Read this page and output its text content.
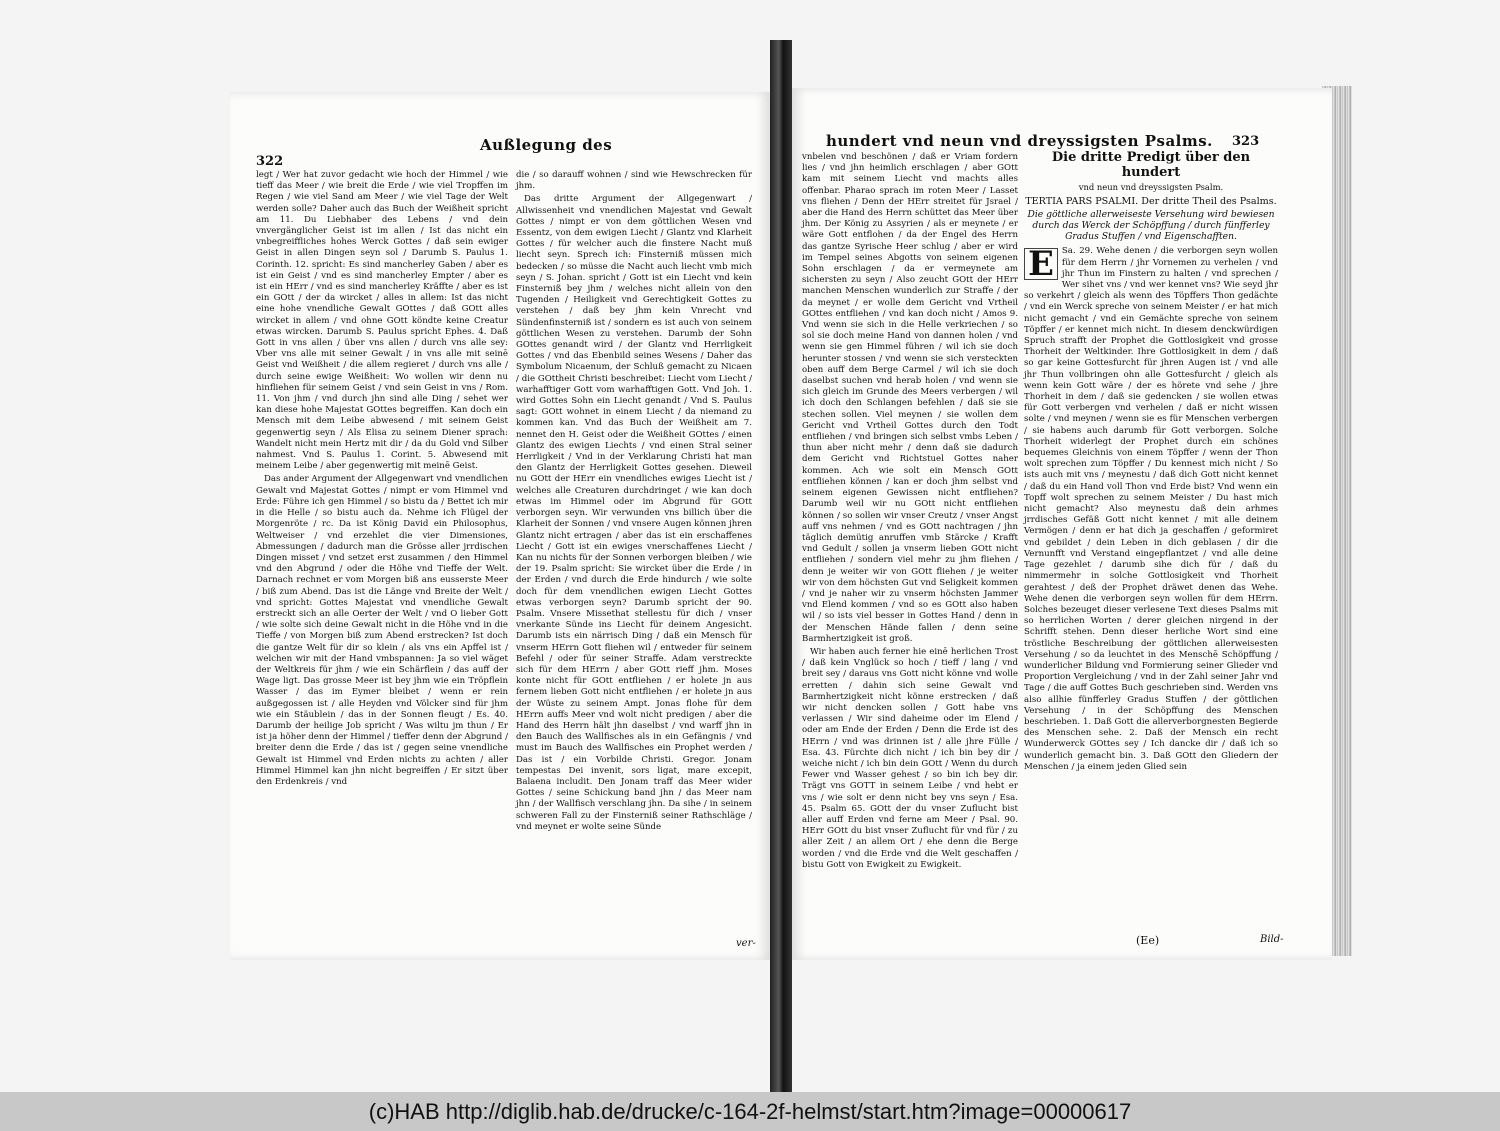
322
Außlegung des

legt / Wer hat zuvor gedacht wie hoch der Himmel / wie tieff das Meer / wie breit die Erde / wie viel Tropffen im Regen / wie viel Sand am Meer / wie viel Tage der Welt werden solle? Daher auch das Buch der Weißheit spricht am 11. Du Liebhaber des Lebens / vnd dein vnvergänglicher Geist ist im allen / Ist das nicht ein vnbegreiffliches hohes Werck Gottes / daß sein ewiger Geist in allen Dingen seyn sol / Darumb S. Paulus 1. Corinth. 12. spricht: Es sind mancherley Gaben / aber es ist ein Geist / vnd es sind mancherley Empter / aber es ist ein HErr / vnd es sind mancherley Kräffte / aber es ist ein GOtt / der da wircket / alles in allem: Ist das nicht eine hohe vnendliche Gewalt GOttes / daß GOtt alles wircket in allem / vnd ohne GOtt köndte keine Creatur etwas wircken. Darumb S. Paulus spricht Ephes. 4. Daß Gott in vns allen / über vns allen / durch vns alle sey: Vber vns alle mit seiner Gewalt / in vns alle mit seinē Geist vnd Weißheit / die allem regieret / durch vns alle / durch seine ewige Weißheit: Wo wollen wir denn nu hinfliehen für seinem Geist / vnd sein Geist in vns / Rom. 11. Von jhm / vnd durch jhn sind alle Ding / sehet wer kan diese hohe Majestat GOttes begreiffen. Kan doch ein Mensch mit dem Leibe abwesend / mit seinem Geist gegenwertig seyn / Als Elisa zu seinem Diener sprach: Wandelt nicht mein Hertz mit dir / da du Gold vnd Silber nahmest. Vnd S. Paulus 1. Corint. 5. Abwesend mit meinem Leibe / aber gegenwertig mit meinē Geist.

Das ander Argument der Allgegenwart vnd vnendlichen Gewalt vnd Majestat Gottes / nimpt er vom Himmel vnd Erde: Führe ich gen Himmel / so bistu da / Bettet ich mir in die Helle / so bistu auch da. Nehme ich Flügel der Morgenröte / rc. Da ist König David ein Philosophus, Weltweiser / vnd erzehlet die vier Dimensiones, Abmessungen / dadurch man die Grösse aller jrrdischen Dingen misset / vnd setzet erst zusammen / den Himmel vnd den Abgrund / oder die Höhe vnd Tieffe der Welt. Darnach rechnet er vom Morgen biß ans eusserste Meer / biß zum Abend. Das ist die Länge vnd Breite der Welt / vnd spricht: Gottes Majestat vnd vnendliche Gewalt erstreckt sich an alle Oerter der Welt / vnd O lieber Gott / wie solte sich deine Gewalt nicht in die Höhe vnd in die Tieffe / von Morgen biß zum Abend erstrecken? Ist doch die gantze Welt für dir so klein / als vns ein Apffel ist / welchen wir mit der Hand vmbspannen: Ja so viel wäget der Weltkreis für jhm / wie ein Schärflein / das auff der Wage ligt. Das grosse Meer ist bey jhm wie ein Tröpflein Wasser / das im Eymer bleibet / wenn er rein außgegossen ist / alle Heyden vnd Völcker sind für jhm wie ein Stäublein / das in der Sonnen fleugt / Es. 40. Darumb der heilige Job spricht / Was wiltu jm thun / Er ist ja höher denn der Himmel / tieffer denn der Abgrund / breiter denn die Erde / das ist / gegen seine vnendliche Gewalt ist Himmel vnd Erden nichts zu achten / aller Himmel Himmel kan jhn nicht begreiffen / Er sitzt über den Erdenkreis / vnd

die / so darauff wohnen / sind wie Hewschrecken für jhm.

Das dritte Argument der Allgegenwart / Allwissenheit vnd vnendlichen Majestat vnd Gewalt Gottes / nimpt er von dem göttlichen Wesen vnd Essentz, von dem ewigen Liecht / Glantz vnd Klarheit Gottes / für welcher auch die finstere Nacht muß liecht seyn. Sprech ich: Finsterniß müssen mich bedecken / so müsse die Nacht auch liecht vmb mich seyn / S. Johan. spricht / Gott ist ein Liecht vnd kein Finsterniß bey jhm / welches nicht allein von den Tugenden / Heiligkeit vnd Gerechtigkeit Gottes zu verstehen / daß bey jhm kein Vnrecht vnd Sündenfinsterniß ist / sondern es ist auch von seinem göttlichen Wesen zu verstehen. Darumb der Sohn GOttes genandt wird / der Glantz vnd Herrligkeit Gottes / vnd das Ebenbild seines Wesens / Daher das Symbolum Nicaenum, der Schluß gemacht zu Nicaen / die GOttheit Christi beschreibet: Liecht vom Liecht / warhafftiger Gott vom warhafftigen Gott. Vnd Joh. 1. wird Gottes Sohn ein Liecht genandt / Vnd S. Paulus sagt: GOtt wohnet in einem Liecht / da niemand zu kommen kan. Vnd das Buch der Weißheit am 7. nennet den H. Geist oder die Weißheit GOttes / einen Glantz des ewigen Liechts / vnd einen Stral seiner Herrligkeit / Vnd in der Verklarung Christi hat man den Glantz der Herrligkeit Gottes gesehen. Dieweil nu GOtt der HErr ein vnendliches ewiges Liecht ist / welches alle Creaturen durchdringet / wie kan doch etwas im Himmel oder im Abgrund für GOtt verborgen seyn. Wir verwunden vns billich über die Klarheit der Sonnen / vnd vnsere Augen können jhren Glantz nicht ertragen / aber das ist ein erschaffenes Liecht / Gott ist ein ewiges vnerschaffenes Liecht / Kan nu nichts für der Sonnen verborgen bleiben / wie der 19. Psalm spricht: Sie wircket über die Erde / in der Erden / vnd durch die Erde hindurch / wie solte doch für dem vnendlichen ewigen Liecht Gottes etwas verborgen seyn? Darumb spricht der 90. Psalm. Vnsere Missethat stellestu für dich / vnser vnerkante Sünde ins Liecht für deinem Angesicht. Darumb ists ein närrisch Ding / daß ein Mensch für vnserm HErrn Gott fliehen wil / entweder für seinem Befehl / oder für seiner Straffe. Adam verstreckte sich für dem HErrn / aber GOtt rieff jhm. Moses konte nicht für GOtt entfliehen / er holete jn aus fernem lieben Gott nicht entfliehen / er holete jn aus der Wüste zu seinem Ampt. Jonas flohe für dem HErrn auffs Meer vnd wolt nicht predigen / aber die Hand des Herrn hält jhn daselbst / vnd warff jhn in den Bauch des Wallfisches als in ein Gefängnis / vnd must im Bauch des Wallfisches ein Prophet werden / Das ist / ein Vorbilde Christi. Gregor. Jonam tempestas Dei invenit, sors ligat, mare excepit, Balaena includit. Den Jonam traff das Meer wider Gottes / seine Schickung band jhn / das Meer nam jhn / der Wallfisch verschlang jhn. Da sihe / in seinem schweren Fall zu der Finsterniß seiner Rathschläge / vnd meynet er wolte seine Sünde

ver-
hundert vnd neun vnd dreyssigsten Psalms. 323

vnbelen vnd beschönen / daß er Vriam fordern lies / vnd jhn heimlich erschlagen / aber GOtt kam mit seinem Liecht vnd machts alles offenbar. Pharao sprach im roten Meer / Lasset vns fliehen / Denn der HErr streitet für Jsrael / aber die Hand des Herrn schüttet das Meer über jhm. Der König zu Assyrien / als er meynete / er wäre Gott entflohen / da der Engel des Herrn das gantze Syrische Heer schlug / aber er wird im Tempel seines Abgotts von seinem eigenen Sohn erschlagen / da er vermeynete am sichersten zu seyn / Also zeucht GOtt der HErr manchen Menschen wunderlich zur Straffe / der da meynet / er wolle dem Gericht vnd Vrtheil GOttes entfliehen / vnd kan doch nicht / Amos 9. Vnd wenn sie sich in die Helle verkriechen / so sol sie doch meine Hand von dannen holen / vnd wenn sie gen Himmel führen / wil ich sie doch herunter stossen / vnd wenn sie sich versteckten oben auff dem Berge Carmel / wil ich sie doch daselbst suchen vnd herab holen / vnd wenn sie sich gleich im Grunde des Meers verbergen / wil ich doch den Schlangen befehlen / daß sie sie stechen sollen. Viel meynen / sie wollen dem Gericht vnd Vrtheil Gottes durch den Todt entfliehen / vnd bringen sich selbst vmbs Leben / thun aber nicht mehr / denn daß sie dadurch dem Gericht vnd Richtstuel Gottes naher kommen. Ach wie solt ein Mensch GOtt entfliehen können / kan er doch jhm selbst vnd seinem eigenen Gewissen nicht entfliehen? Darumb weil wir nu GOtt nicht entfliehen können / so sollen wir vnser Creutz / vnser Angst auff vns nehmen / vnd es GOtt nachtragen / jhn täglich demütig anruffen vmb Stärcke / Krafft vnd Gedult / sollen ja vnserm lieben GOtt nicht entfliehen / sondern viel mehr zu jhm fliehen / denn je weiter wir von GOtt fliehen / je weiter wir von dem höchsten Gut vnd Seligkeit kommen / vnd je naher wir zu vnserm höchsten Jammer vnd Elend kommen / vnd so es GOtt also haben wil / so ists viel besser in Gottes Hand / denn in der Menschen Hände fallen / denn seine Barmhertzigkeit ist groß.

Wir haben auch ferner hie einē herlichen Trost / daß kein Vnglück so hoch / tieff / lang / vnd breit sey / daraus vns Gott nicht könne vnd wolle erretten / dahin sich seine Gewalt vnd Barmhertzigkeit nicht könne erstrecken / daß wir nicht dencken sollen / Gott habe vns verlassen / Wir sind daheime oder im Elend / oder am Ende der Erden / Denn die Erde ist des HErrn / vnd was drinnen ist / alle jhre Fülle / Esa. 43. Fürchte dich nicht / ich bin bey dir / weiche nicht / ich bin dein GOtt / Wenn du durch Fewer vnd Wasser gehest / so bin ich bey dir. Trägt vns GOTT in seinem Leibe / vnd hebt er vns / wie solt er denn nicht bey vns seyn / Esa. 45. Psalm 65. GOtt der du vnser Zuflucht bist aller auff Erden vnd ferne am Meer / Psal. 90. HErr GOtt du bist vnser Zuflucht für vnd für / zu aller Zeit / an allem Ort / ehe denn die Berge worden / vnd die Erde vnd die Welt geschaffen / bistu Gott von Ewigkeit zu Ewigkeit.

Die dritte Predigt über den hundert
vnd neun vnd dreyssigsten Psalm.
TERTIA PARS PSALMI. Der dritte Theil des Psalms.
Die göttliche allerweiseste Versehung wird bewiesen durch das Werck der Schöpffung / durch fünfferley Gradus Stuffen / vnd Eigenschafften.
E Sa. 29. Wehe denen / die verborgen seyn wollen für dem Herrn / jhr Vornemen zu verhelen / vnd jhr Thun im Finstern zu halten / vnd sprechen / Wer sihet vns / vnd wer kennet vns? Wie seyd jhr so verkehrt / gleich als wenn des Töpffers Thon gedächte / vnd ein Werck spreche von seinem Meister / er hat mich nicht gemacht / vnd ein Gemächte spreche von seinem Töpffer / er kennet mich nicht. In diesem denckwürdigen Spruch strafft der Prophet die Gottlosigkeit vnd grosse Thorheit der Weltkinder. Ihre Gottlosigkeit in dem / daß so gar keine Gottesfurcht für jhren Augen ist / vnd alle jhr Thun vollbringen ohn alle Gottesfurcht / gleich als wenn kein Gott wäre / der es hörete vnd sehe / jhre Thorheit in dem / daß sie gedencken / sie wollen etwas für Gott verbergen vnd verhelen / daß er nicht wissen solte / vnd meynen / wenn sie es für Menschen verbergen / sie habens auch darumb für Gott verborgen. Solche Thorheit widerlegt der Prophet durch ein schönes bequemes Gleichnis von einem Töpffer / wenn der Thon wolt sprechen zum Töpffer / Du kennest mich nicht / So ists auch mit vns / meynestu / daß dich Gott nicht kennet / daß du ein Hand voll Thon vnd Erde bist? Vnd wenn ein Topff wolt sprechen zu seinem Meister / Du hast mich nicht gemacht? Also meynestu daß dein arhmes jrrdisches Gefäß Gott nicht kennet / mit alle deinem Vermögen / denn er hat dich ja geschaffen / geformiret vnd gebildet / dein Leben in dich geblasen / dir die Vernunfft vnd Verstand eingepflantzet / vnd alle deine Tage gezehlet / darumb sihe dich für / daß du nimmermehr in solche Gottlosigkeit vnd Thorheit gerahtest / deß der Prophet dräwet denen das Wehe. Wehe denen die verborgen seyn wollen für dem HErrn. Solches bezeuget dieser verlesene Text dieses Psalms mit so herrlichen Worten / derer gleichen nirgend in der Schrifft stehen. Denn dieser herliche Wort sind eine tröstliche Beschreibung der göttlichen allerweisesten Versehung / so da leuchtet in des Menschē Schöpffung / wunderlicher Bildung vnd Formierung seiner Glieder vnd Proportion Vergleichung / vnd in der Zahl seiner Jahr vnd Tage / die auff Gottes Buch geschrieben sind. Werden vns also allhie fünfferley Gradus Stuffen / der göttlichen Versehung / in der Schöpffung des Menschen beschrieben. 1. Daß Gott die allerverborgnesten Begierde des Menschen sehe. 2. Daß der Mensch ein recht Wunderwerck GOttes sey / Ich dancke dir / daß ich so wunderlich gemacht bin. 3. Daß GOtt den Gliedern der Menschen / ja einem jeden Glied sein

(Ee)	Bild-
(c)HAB http://diglib.hab.de/drucke/c-164-2f-helmst/start.htm?image=00000617
